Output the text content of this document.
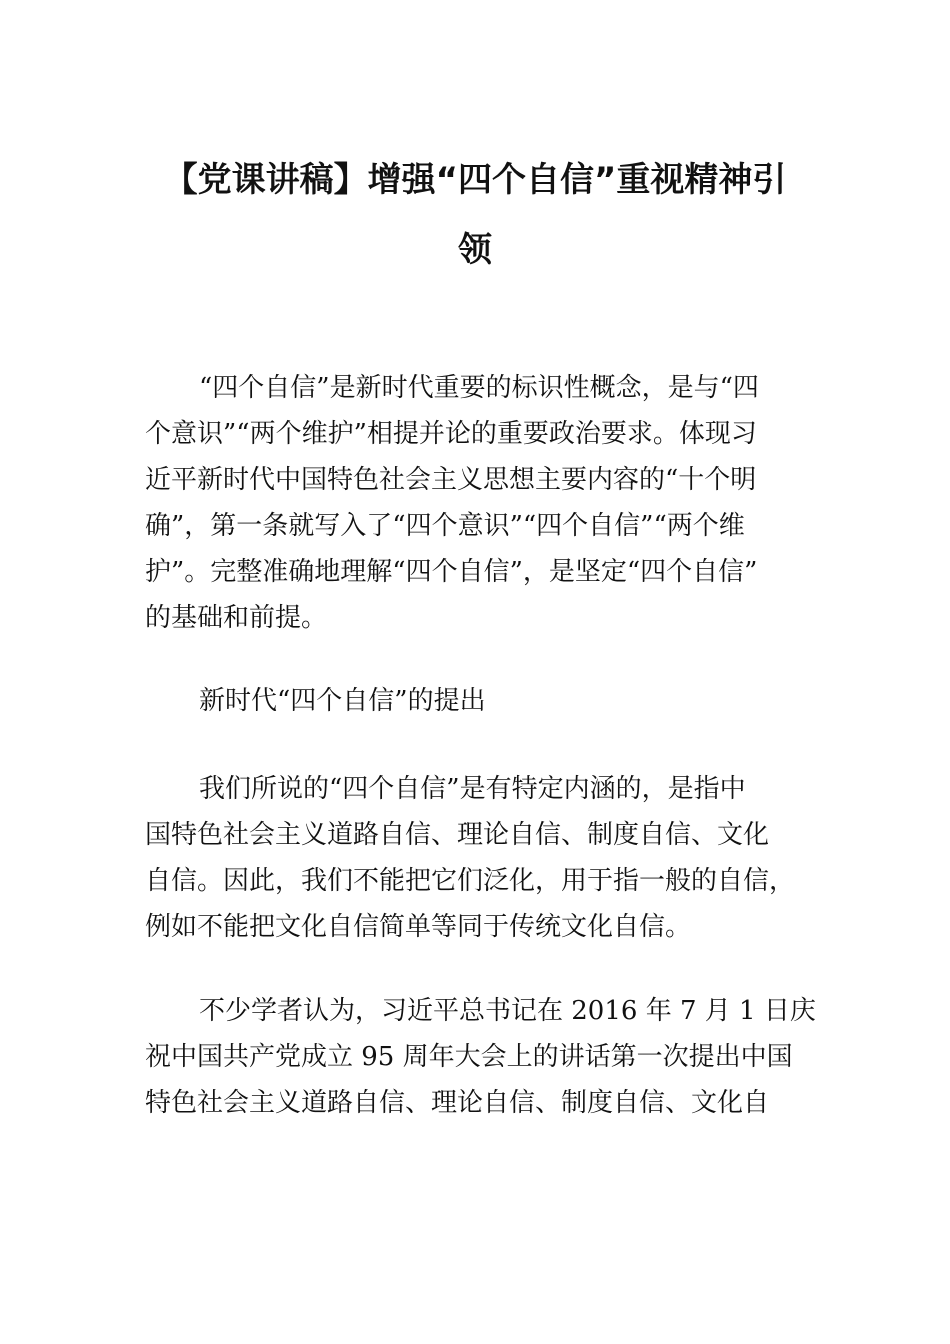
【党课讲稿】增强“四个自信”重视精神引
领

“四个自信”是新时代重要的标识性概念，是与“四
个意识”“两个维护”相提并论的重要政治要求。体现习
近平新时代中国特色社会主义思想主要内容的“十个明
确”，第一条就写入了“四个意识”“四个自信”“两个维
护”。完整准确地理解“四个自信”，是坚定“四个自信”
的基础和前提。

新时代“四个自信”的提出

我们所说的“四个自信”是有特定内涵的，是指中
国特色社会主义道路自信、理论自信、制度自信、文化
自信。因此，我们不能把它们泛化，用于指一般的自信，
例如不能把文化自信简单等同于传统文化自信。

不少学者认为，习近平总书记在 2016 年 7 月 1 日庆
祝中国共产党成立 95 周年大会上的讲话第一次提出中国
特色社会主义道路自信、理论自信、制度自信、文化自
